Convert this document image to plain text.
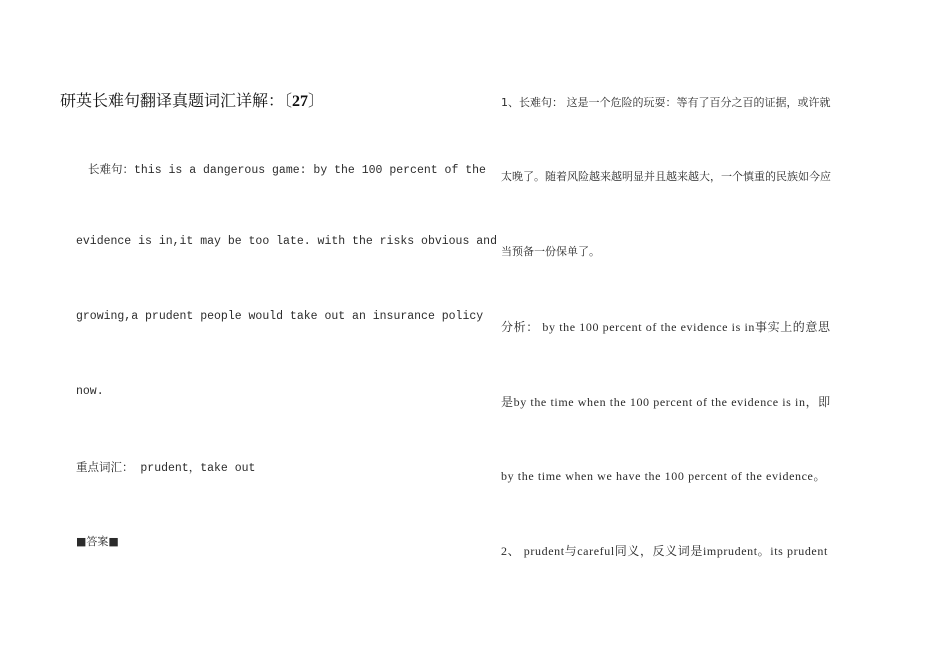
研英长难句翻译真题词汇详解：〔27〕
长难句：this is a dangerous game: by the 100 percent of the
evidence is in,it may be too late. with the risks obvious and
growing,a prudent people would take out an insurance policy
now.
重点词汇： prudent，take out
■答案■
1、长难句： 这是一个危险的玩耍：等有了百分之百的证据，或许就
太晚了。随着风险越来越明显并且越来越大，一个慎重的民族如今应
当预备一份保单了。
分析： by the 100 percent of the evidence is in事实上的意思
是by the time when the 100 percent of the evidence is in，即
by the time when we have the 100 percent of the evidence。
2、 prudent与careful同义，反义词是imprudent。its prudent
